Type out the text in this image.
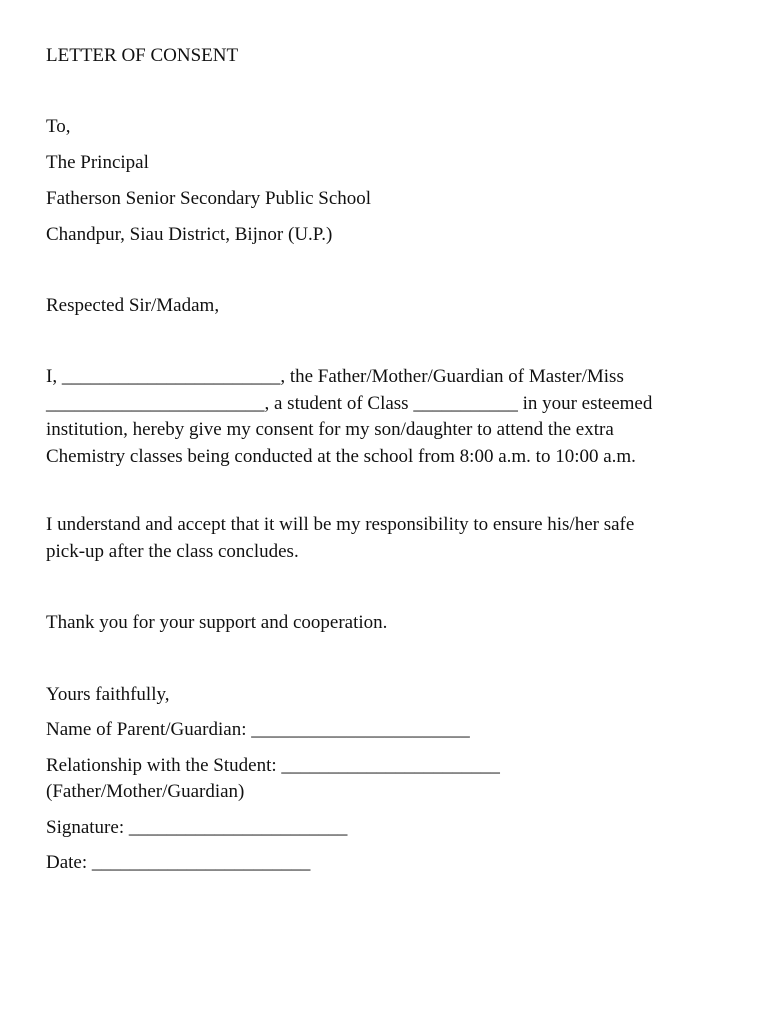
LETTER OF CONSENT
To,
The Principal
Fatherson Senior Secondary Public School
Chandpur, Siau District, Bijnor (U.P.)
Respected Sir/Madam,
I, _______________________, the Father/Mother/Guardian of Master/Miss
_______________________, a student of Class ___________ in your esteemed
institution, hereby give my consent for my son/daughter to attend the extra
Chemistry classes being conducted at the school from 8:00 a.m. to 10:00 a.m.
I understand and accept that it will be my responsibility to ensure his/her safe
pick-up after the class concludes.
Thank you for your support and cooperation.
Yours faithfully,
Name of Parent/Guardian: _______________________
Relationship with the Student: _______________________
(Father/Mother/Guardian)
Signature: _______________________
Date: _______________________
